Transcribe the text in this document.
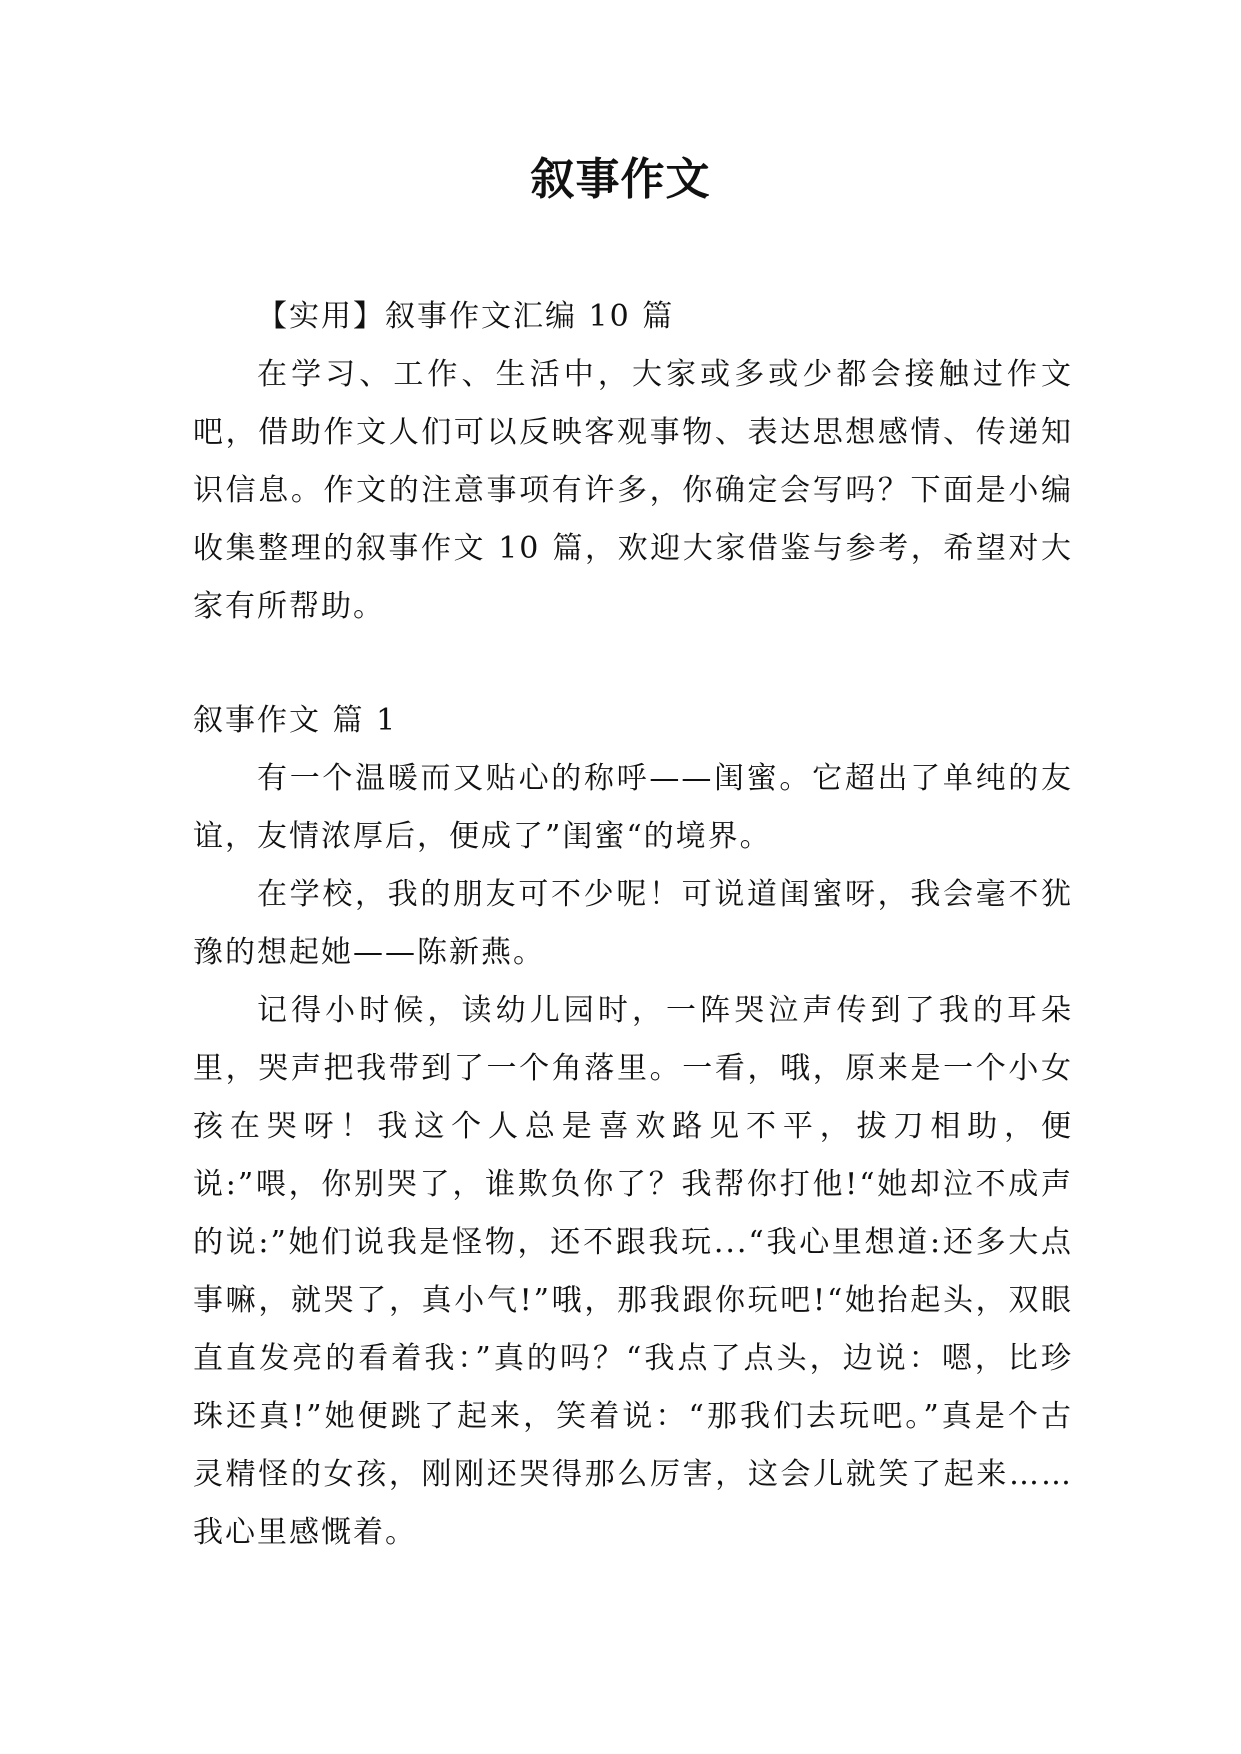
叙事作文

【实用】叙事作文汇编 10 篇

在学习、工作、生活中，大家或多或少都会接触过作文吧，借助作文人们可以反映客观事物、表达思想感情、传递知识信息。作文的注意事项有许多，你确定会写吗？下面是小编收集整理的叙事作文 10 篇，欢迎大家借鉴与参考，希望对大家有所帮助。

叙事作文 篇 1

有一个温暖而又贴心的称呼——闺蜜。它超出了单纯的友谊，友情浓厚后，便成了”闺蜜“的境界。

在学校，我的朋友可不少呢！可说道闺蜜呀，我会毫不犹豫的想起她——陈新燕。

记得小时候，读幼儿园时，一阵哭泣声传到了我的耳朵里，哭声把我带到了一个角落里。一看，哦，原来是一个小女孩在哭呀！我这个人总是喜欢路见不平，拔刀相助，便说:”喂，你别哭了，谁欺负你了？我帮你打他!“她却泣不成声的说:”她们说我是怪物，还不跟我玩...“我心里想道:还多大点事嘛，就哭了，真小气!”哦，那我跟你玩吧!“她抬起头，双眼直直发亮的看着我：”真的吗？“我点了点头，边说：嗯，比珍珠还真!”她便跳了起来，笑着说：“那我们去玩吧。”真是个古灵精怪的女孩，刚刚还哭得那么厉害，这会儿就笑了起来……我心里感慨着。
